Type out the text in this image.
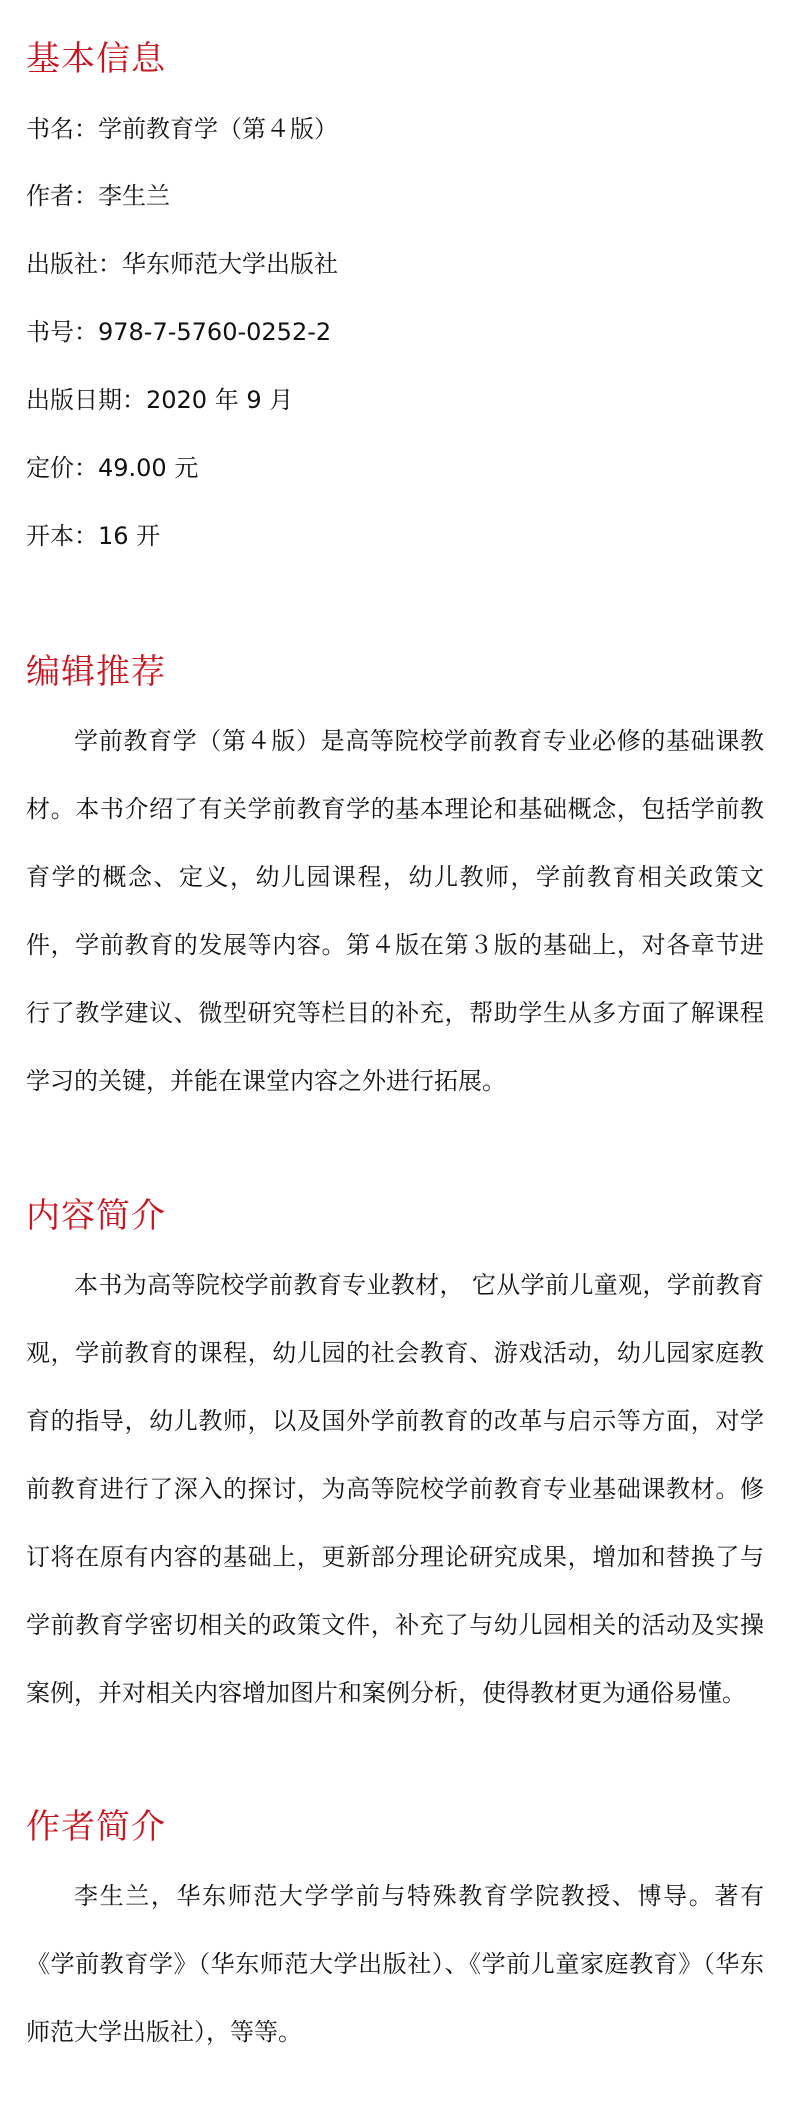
基本信息

书名：学前教育学（第４版）

作者：李生兰

出版社：华东师范大学出版社

书号：978-7-5760-0252-2

出版日期：2020 年 9 月

定价：49.00 元

开本：16 开

编辑推荐

学前教育学（第４版）是高等院校学前教育专业必修的基础课教材。本书介绍了有关学前教育学的基本理论和基础概念，包括学前教育学的概念、定义，幼儿园课程，幼儿教师，学前教育相关政策文件，学前教育的发展等内容。第４版在第３版的基础上，对各章节进行了教学建议、微型研究等栏目的补充，帮助学生从多方面了解课程学习的关键，并能在课堂内容之外进行拓展。

内容简介

本书为高等院校学前教育专业教材， 它从学前儿童观，学前教育观，学前教育的课程，幼儿园的社会教育、游戏活动，幼儿园家庭教育的指导，幼儿教师，以及国外学前教育的改革与启示等方面，对学前教育进行了深入的探讨，为高等院校学前教育专业基础课教材。修订将在原有内容的基础上，更新部分理论研究成果，增加和替换了与学前教育学密切相关的政策文件，补充了与幼儿园相关的活动及实操案例，并对相关内容增加图片和案例分析，使得教材更为通俗易懂。

作者简介

李生兰，华东师范大学学前与特殊教育学院教授、博导。著有《学前教育学》（华东师范大学出版社）、《学前儿童家庭教育》（华东师范大学出版社），等等。
